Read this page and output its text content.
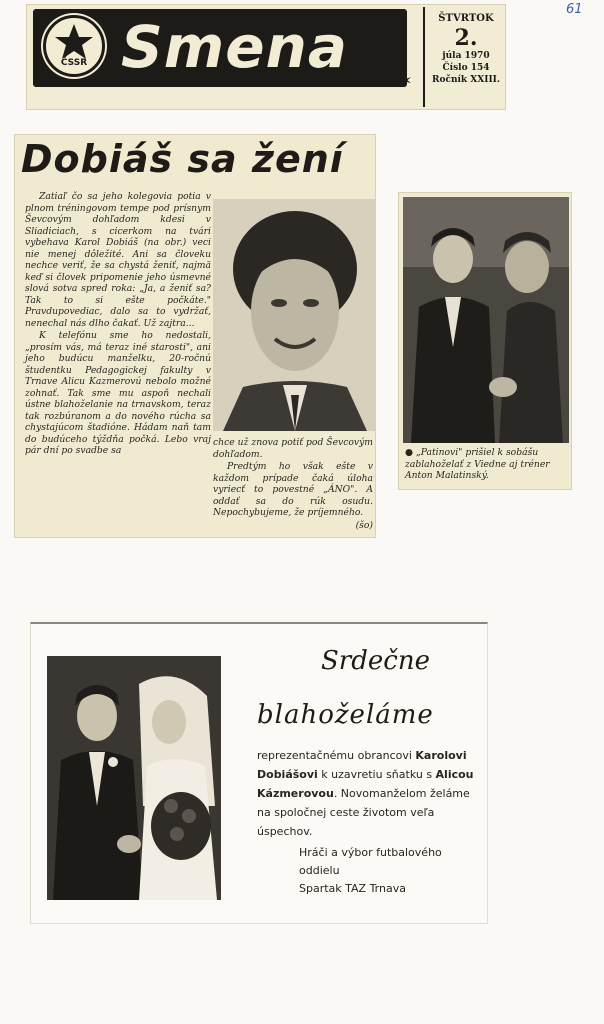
61
ČSSR Smena	✶
ŠTVRTOK
2.
júla 1970
Číslo 154
Ročník XXIII.
Dobiáš sa žení

Zatiaľ čo sa jeho kolegovia potia v plnom tréningovom tempe pod prísnym Ševcovým dohľadom kdesi v Sliadiciach, s cicerkom na tvári vybehava Karol Dobiáš (na obr.) veci nie menej dôležité. Ani sa človeku nechce veriť, že sa chystá ženiť, najmä keď si človek pripomenie jeho úsmevné slová sotva spred roka: „Ja, a ženiť sa? Tak to si ešte počkáte." Pravdupovediac, dalo sa to vydržať, nenechal nás dlho čakať. Už zajtra...

K telefónu sme ho nedostali, „prosím vás, má teraz iné starosti", ani jeho budúcu manželku, 20-ročnú študentku Pedagogickej fakulty v Trnave Alicu Kazmerovú nebolo možné zohnať. Tak sme mu aspoň nechali ústne blahoželanie na trnavskom, teraz tak rozbúranom a do nového rúcha sa chystajúcom štadióne. Hádam naň tam do budúceho týždňa počká. Lebo vraj pár dní po svadbe sa

chce už znova potiť pod Ševcovým dohľadom.

Predtým ho však ešte v každom prípade čaká úloha vyriecť to povestné „ÁNO". A oddať sa do rúk osudu. Nepochybujeme, že príjemného.

(šo)
● „Patinovi" prišiel k sobášu zablahoželať z Viedne aj tréner Anton Malatinský.
Srdečne
blahoželáme
reprezentačnému obrancovi Karolovi Dobiášovi k uzavretiu sňatku s Alicou Kázmerovou. Novomanželom želáme na spoločnej ceste životom veľa úspechov.
Hráči a výbor futbalového oddielu
Spartak TAZ Trnava
